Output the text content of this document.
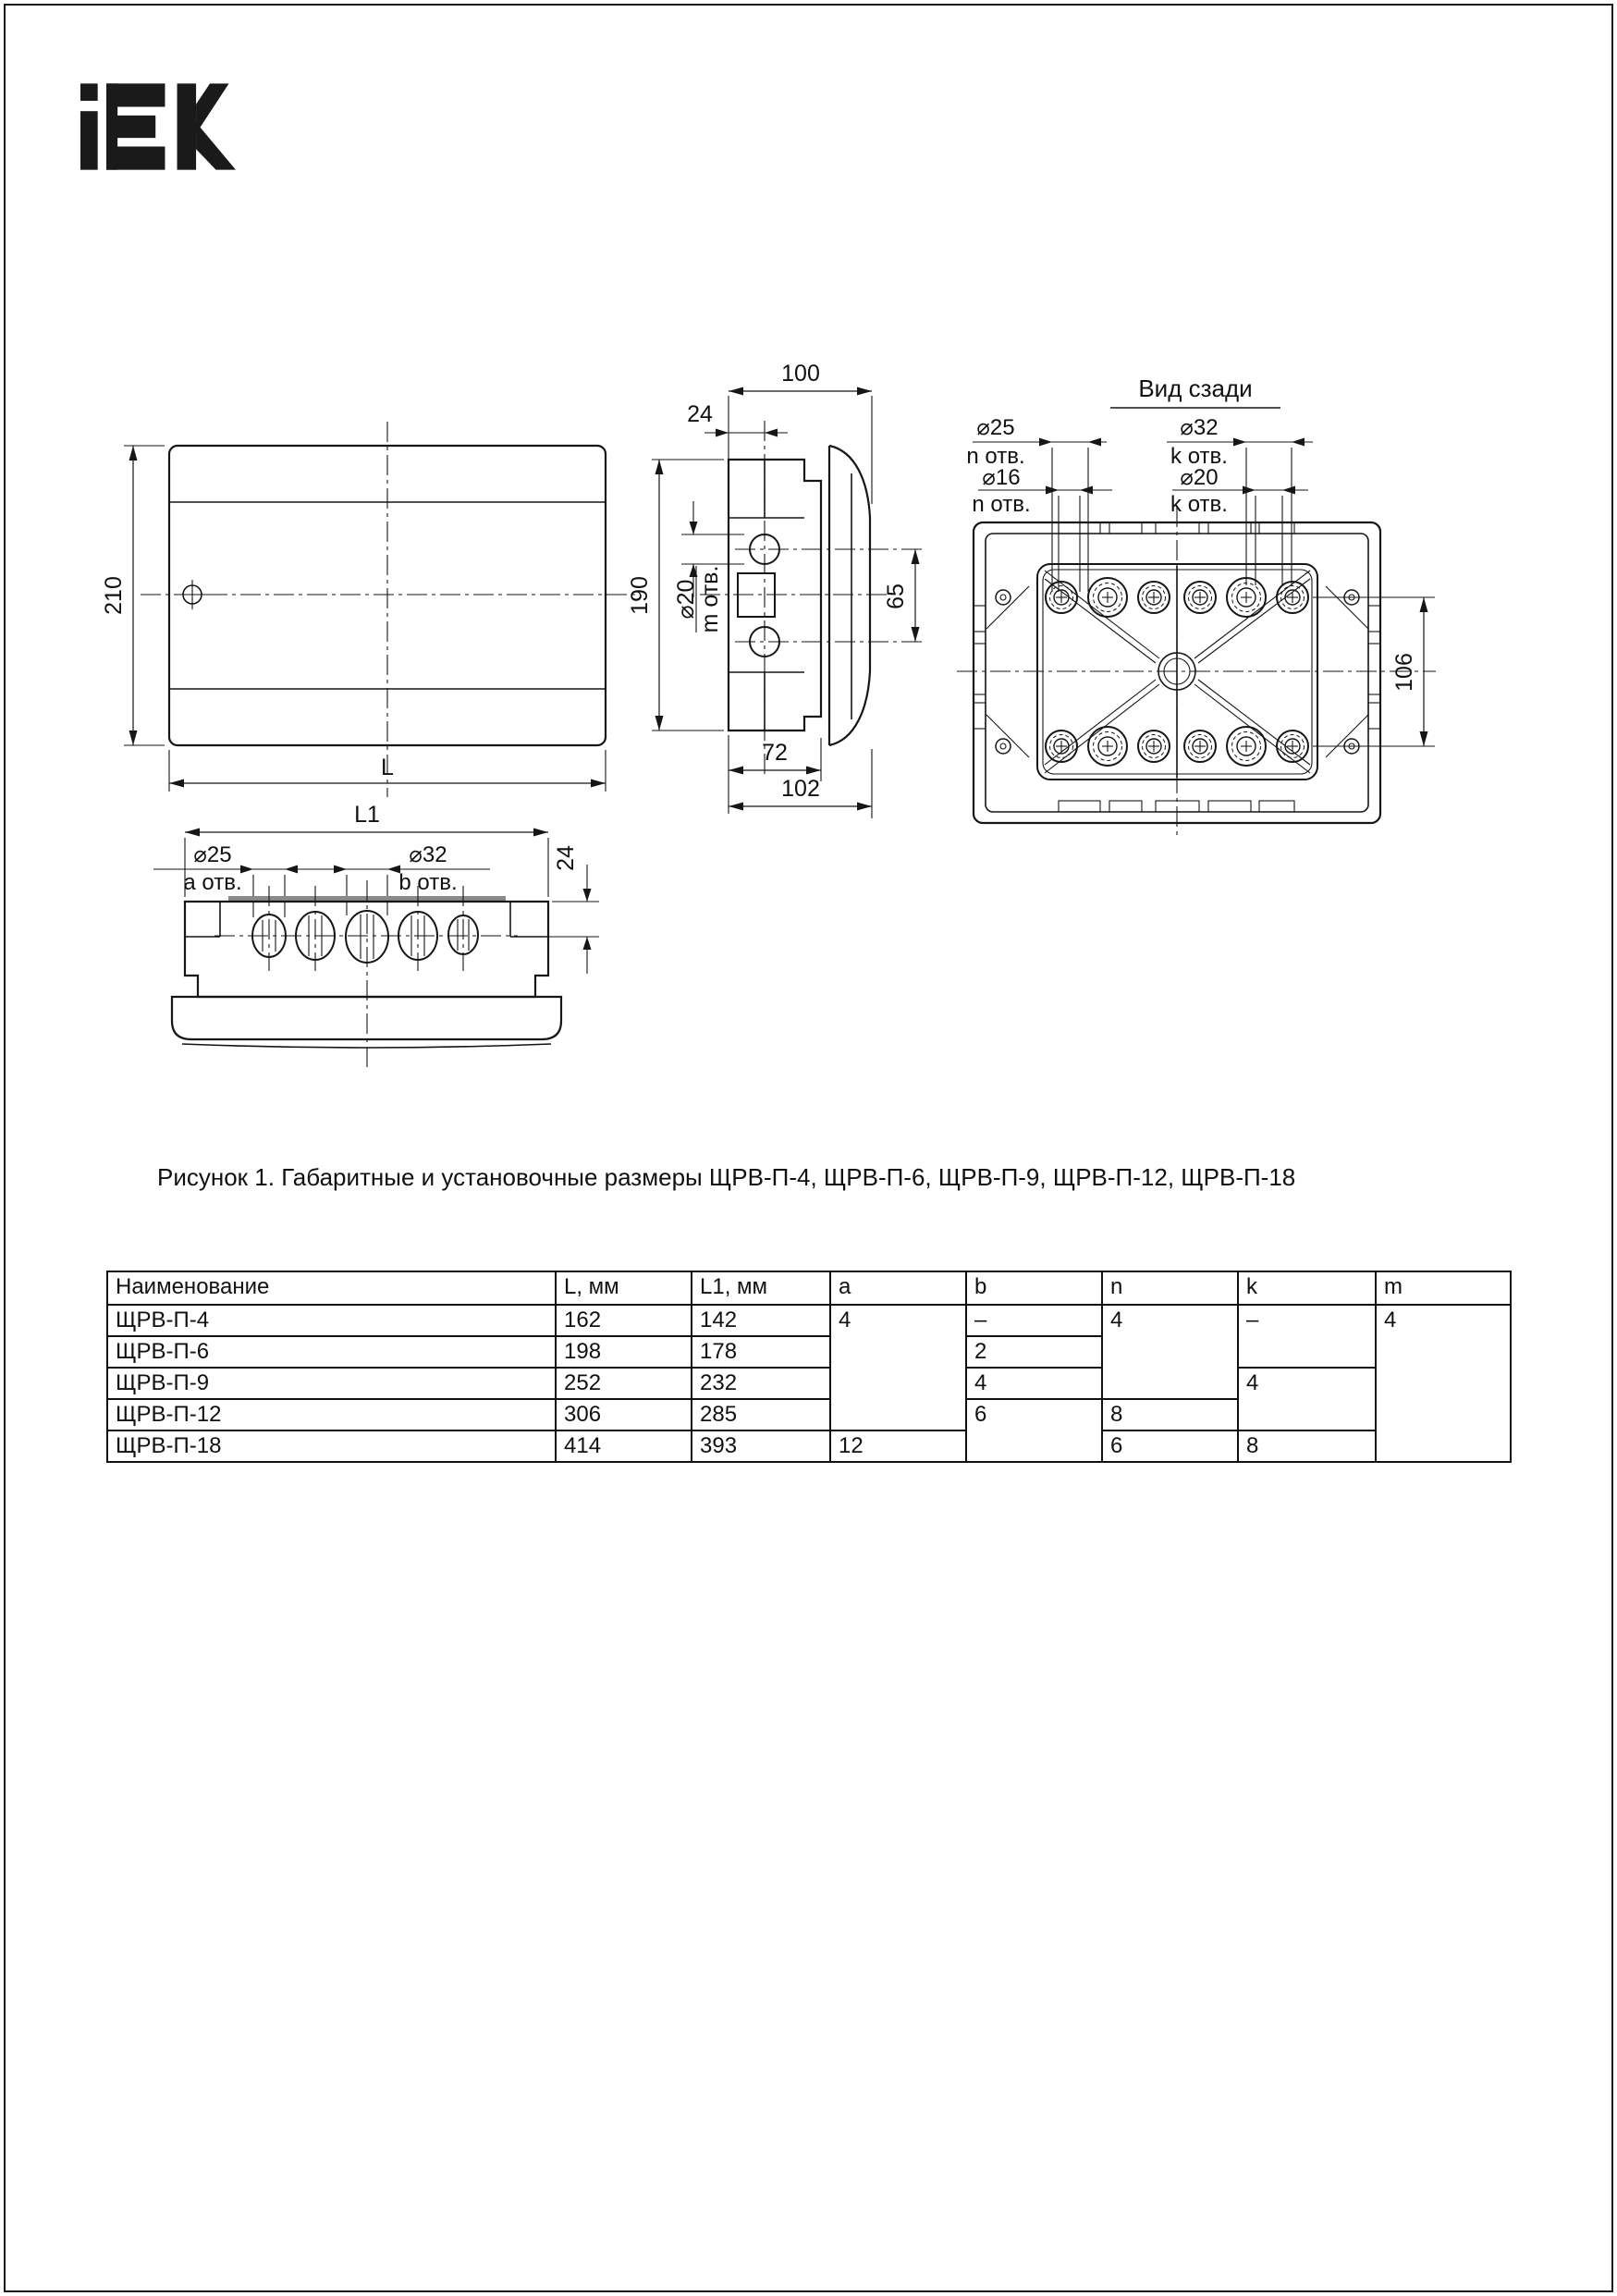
210
L
100
24
190 ⌀20
m отв.	65
72
102
Вид сзади
⌀25
n отв.
⌀16
n отв.
⌀32
k отв.
⌀20
k отв.
106
L1
⌀25
a отв.
⌀32
b отв.
24
Рисунок 1. Габаритные и установочные размеры ЩРВ-П-4, ЩРВ-П-6, ЩРВ-П-9, ЩРВ-П-12, ЩРВ-П-18
Наименование	L, мм	L1, мм	a	b	n	k	m
ЩРВ-П-4	162	142	4	–	4	–	4
ЩРВ-П-6	198	178		2			
ЩРВ-П-9	252	232		4		4	
ЩРВ-П-12	306	285		6	8		
ЩРВ-П-18	414	393	12		6	8	
